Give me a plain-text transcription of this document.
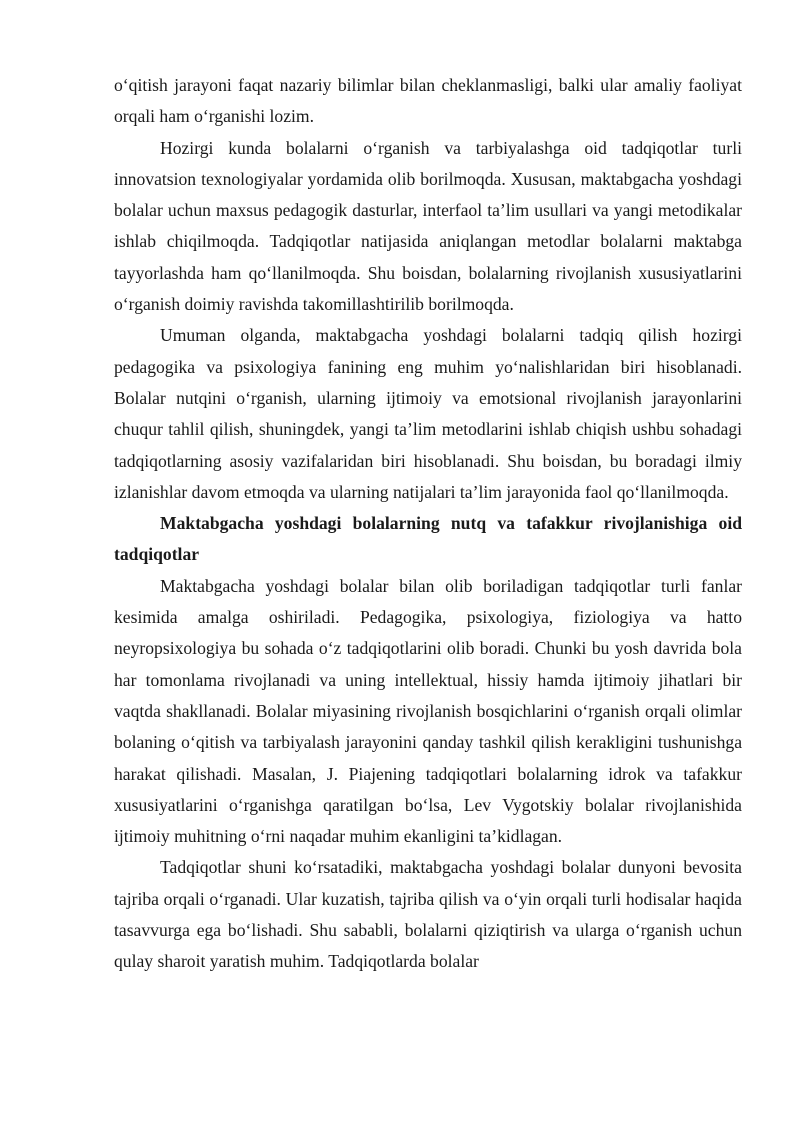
o‘qitish jarayoni faqat nazariy bilimlar bilan cheklanmasligi, balki ular amaliy faoliyat orqali ham o‘rganishi lozim.

Hozirgi kunda bolalarni o‘rganish va tarbiyalashga oid tadqiqotlar turli innovatsion texnologiyalar yordamida olib borilmoqda. Xususan, maktabgacha yoshdagi bolalar uchun maxsus pedagogik dasturlar, interfaol ta’lim usullari va yangi metodikalar ishlab chiqilmoqda. Tadqiqotlar natijasida aniqlangan metodlar bolalarni maktabga tayyorlashda ham qo‘llanilmoqda. Shu boisdan, bolalarning rivojlanish xususiyatlarini o‘rganish doimiy ravishda takomillashtirilib borilmoqda.

Umuman olganda, maktabgacha yoshdagi bolalarni tadqiq qilish hozirgi pedagogika va psixologiya fanining eng muhim yo‘nalishlaridan biri hisoblanadi. Bolalar nutqini o‘rganish, ularning ijtimoiy va emotsional rivojlanish jarayonlarini chuqur tahlil qilish, shuningdek, yangi ta’lim metodlarini ishlab chiqish ushbu sohadagi tadqiqotlarning asosiy vazifalaridan biri hisoblanadi. Shu boisdan, bu boradagi ilmiy izlanishlar davom etmoqda va ularning natijalari ta’lim jarayonida faol qo‘llanilmoqda.

Maktabgacha yoshdagi bolalarning nutq va tafakkur rivojlanishiga oid tadqiqotlar

Maktabgacha yoshdagi bolalar bilan olib boriladigan tadqiqotlar turli fanlar kesimida amalga oshiriladi. Pedagogika, psixologiya, fiziologiya va hatto neyropsixologiya bu sohada o‘z tadqiqotlarini olib boradi. Chunki bu yosh davrida bola har tomonlama rivojlanadi va uning intellektual, hissiy hamda ijtimoiy jihatlari bir vaqtda shakllanadi. Bolalar miyasining rivojlanish bosqichlarini o‘rganish orqali olimlar bolaning o‘qitish va tarbiyalash jarayonini qanday tashkil qilish kerakligini tushunishga harakat qilishadi. Masalan, J. Piajening tadqiqotlari bolalarning idrok va tafakkur xususiyatlarini o‘rganishga qaratilgan bo‘lsa, Lev Vygotskiy bolalar rivojlanishida ijtimoiy muhitning o‘rni naqadar muhim ekanligini ta’kidlagan.

Tadqiqotlar shuni ko‘rsatadiki, maktabgacha yoshdagi bolalar dunyoni bevosita tajriba orqali o‘rganadi. Ular kuzatish, tajriba qilish va o‘yin orqali turli hodisalar haqida tasavvurga ega bo‘lishadi. Shu sababli, bolalarni qiziqtirish va ularga o‘rganish uchun qulay sharoit yaratish muhim. Tadqiqotlarda bolalar
